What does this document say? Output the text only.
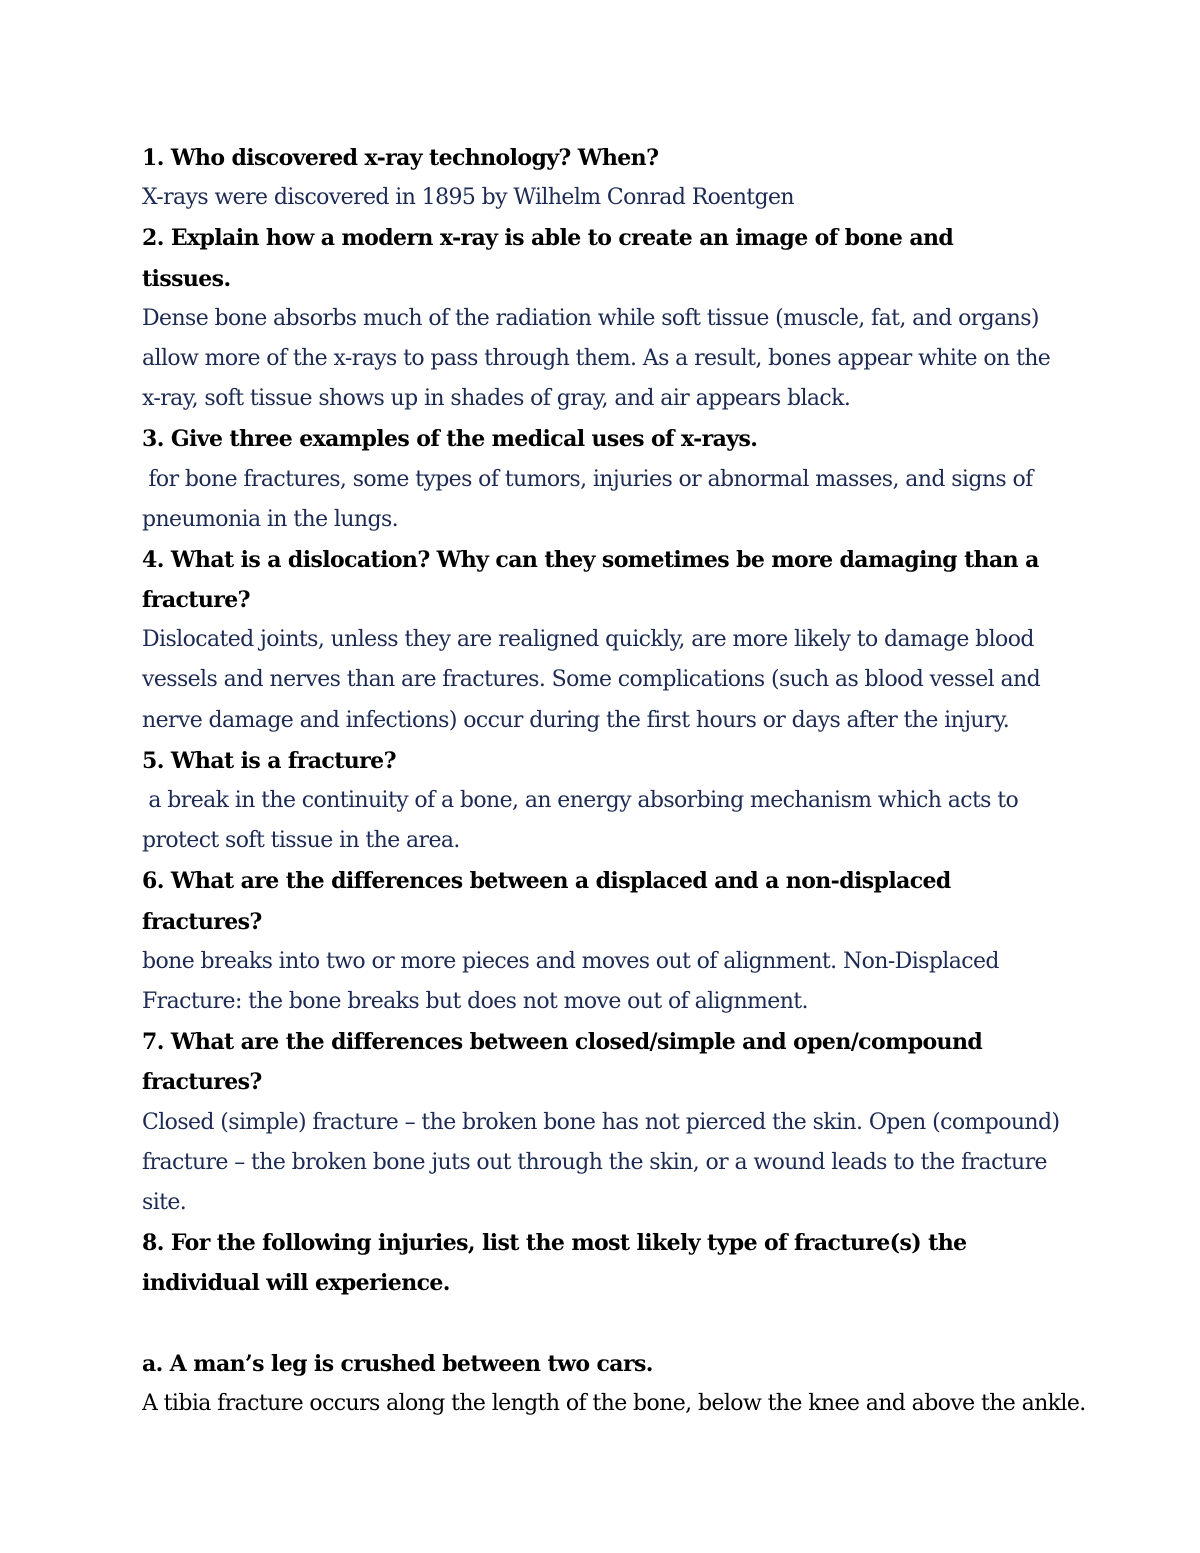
1. Who discovered x-ray technology? When?
X-rays were discovered in 1895 by Wilhelm Conrad Roentgen
2. Explain how a modern x-ray is able to create an image of bone and
tissues.
Dense bone absorbs much of the radiation while soft tissue (muscle, fat, and organs)
allow more of the x-rays to pass through them. As a result, bones appear white on the
x-ray, soft tissue shows up in shades of gray, and air appears black.
3. Give three examples of the medical uses of x-rays.
for bone fractures, some types of tumors, injuries or abnormal masses, and signs of
pneumonia in the lungs.
4. What is a dislocation? Why can they sometimes be more damaging than a
fracture?
Dislocated joints, unless they are realigned quickly, are more likely to damage blood
vessels and nerves than are fractures. Some complications (such as blood vessel and
nerve damage and infections) occur during the first hours or days after the injury.
5. What is a fracture?
a break in the continuity of a bone, an energy absorbing mechanism which acts to
protect soft tissue in the area.
6. What are the differences between a displaced and a non-displaced
fractures?
bone breaks into two or more pieces and moves out of alignment. Non-Displaced
Fracture: the bone breaks but does not move out of alignment.
7. What are the differences between closed/simple and open/compound
fractures?
Closed (simple) fracture – the broken bone has not pierced the skin. Open (compound)
fracture – the broken bone juts out through the skin, or a wound leads to the fracture
site.
8. For the following injuries, list the most likely type of fracture(s) the
individual will experience.
a. A man’s leg is crushed between two cars.
A tibia fracture occurs along the length of the bone, below the knee and above the ankle.
